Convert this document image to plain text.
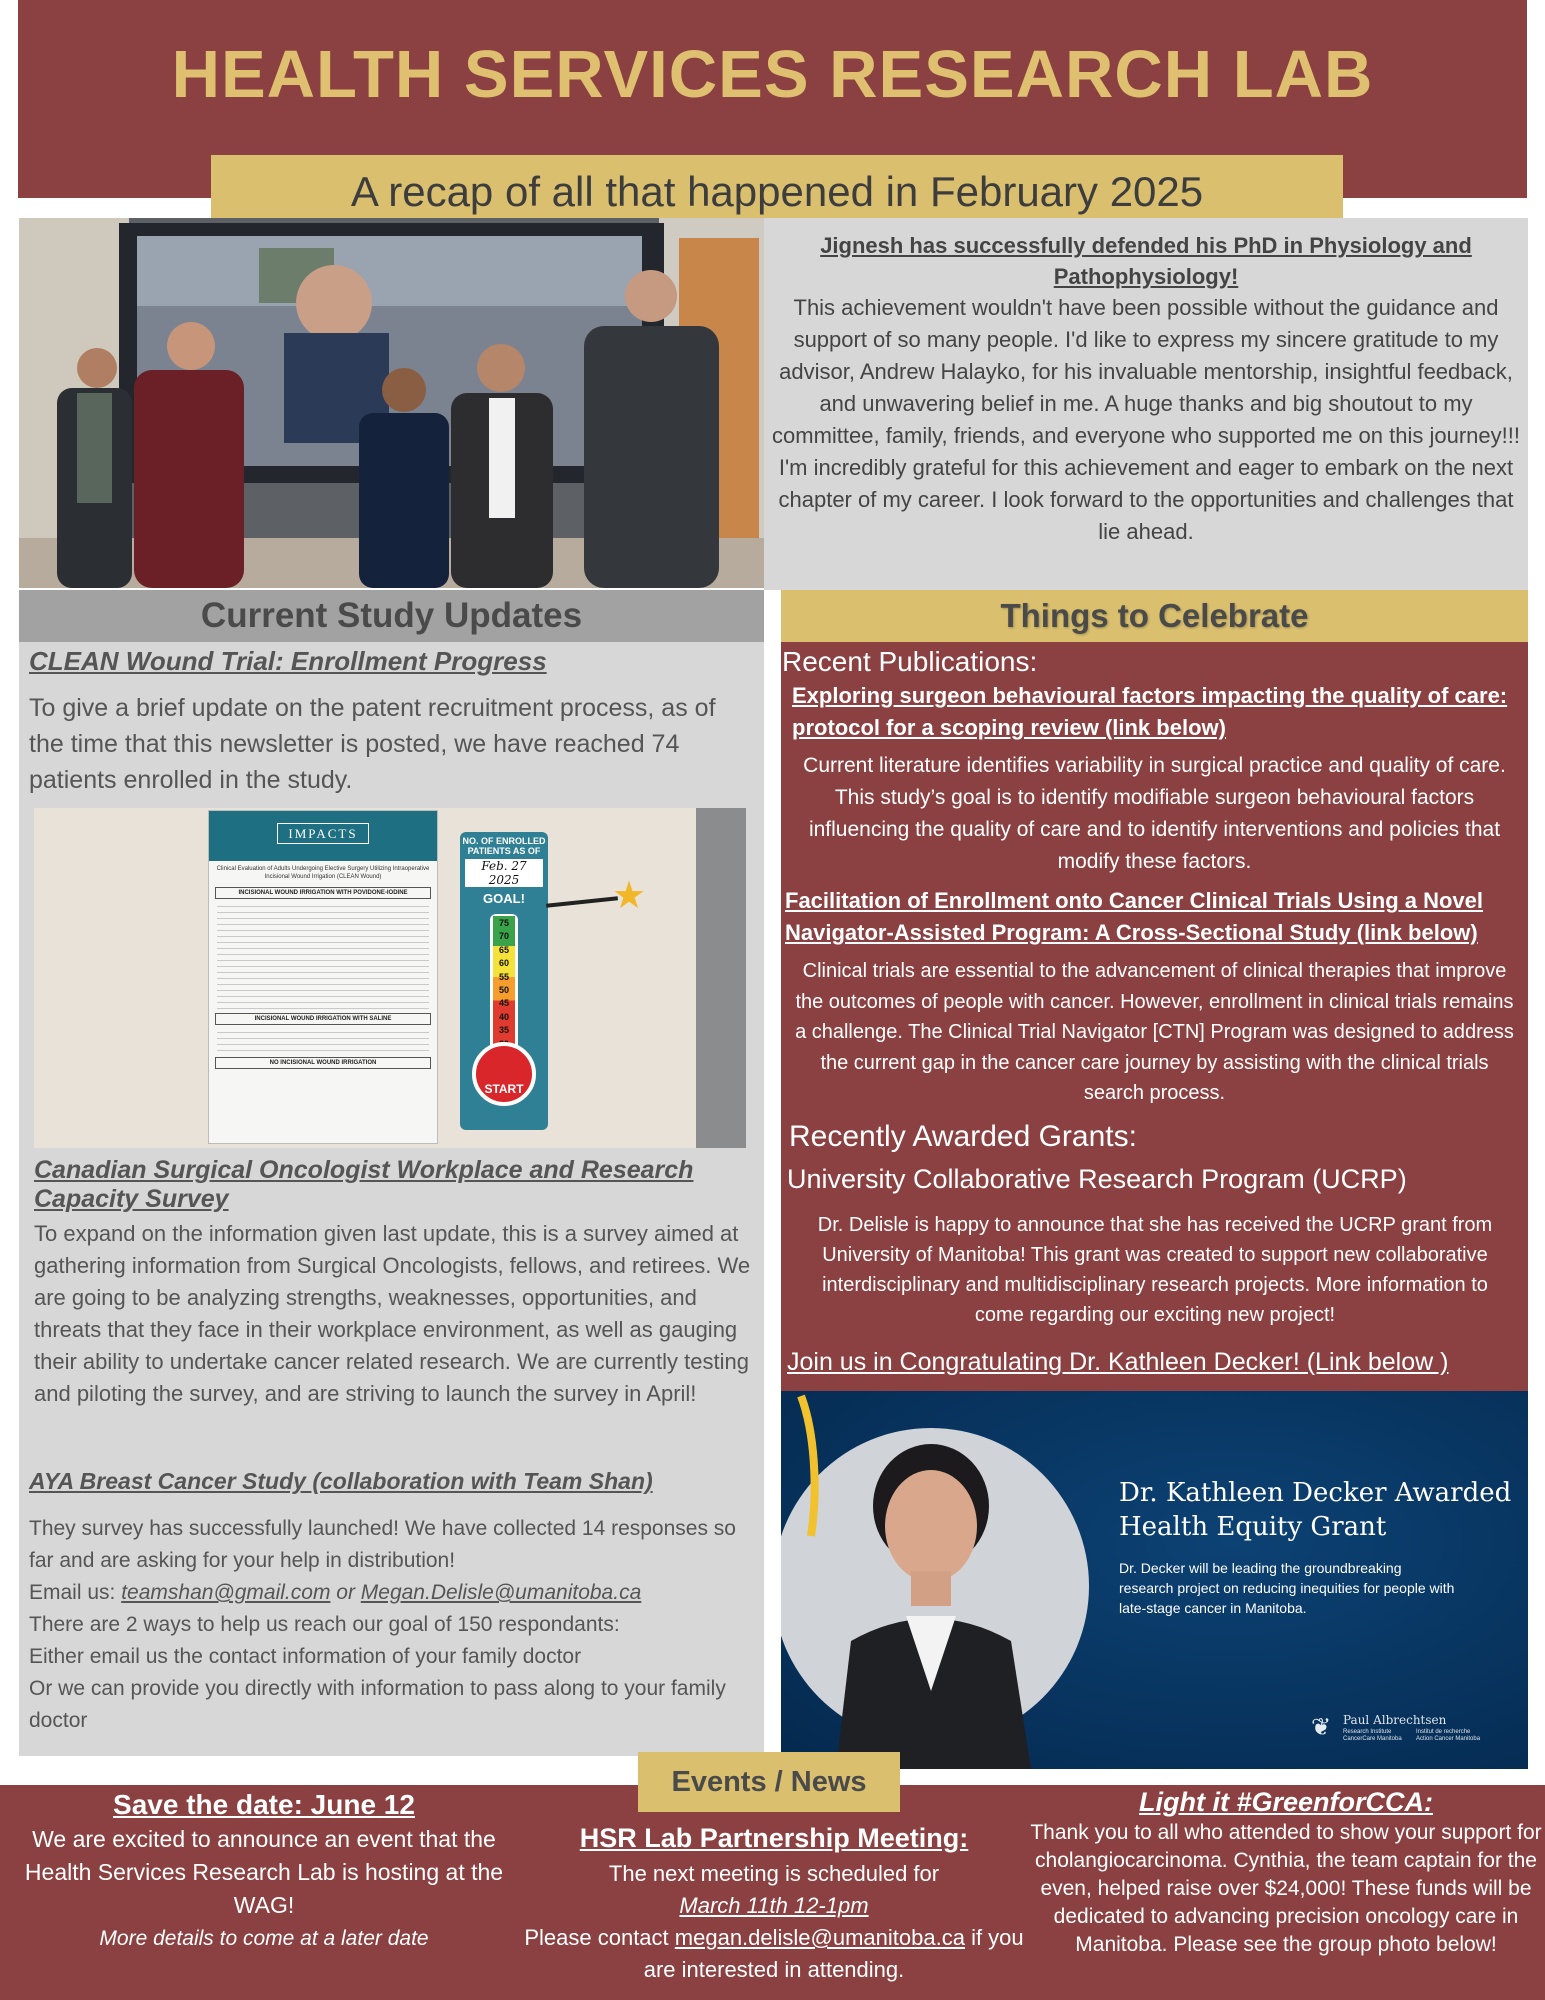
HEALTH SERVICES RESEARCH LAB
A recap of all that happened in February 2025
Jignesh has successfully defended his PhD in Physiology and Pathophysiology!
This achievement wouldn't have been possible without the guidance and support of so many people. I'd like to express my sincere gratitude to my advisor, Andrew Halayko, for his invaluable mentorship, insightful feedback, and unwavering belief in me. A huge thanks and big shoutout to my committee, family, friends, and everyone who supported me on this journey!!!
I'm incredibly grateful for this achievement and eager to embark on the next chapter of my career. I look forward to the opportunities and challenges that lie ahead.
Current Study Updates
CLEAN Wound Trial: Enrollment Progress
To give a brief update on the patent recruitment process, as of the time that this newsletter is posted, we have reached 74 patients enrolled in the study.
IMPACTS
Clinical Evaluation of Adults Undergoing Elective Surgery Utilizing Intraoperative Incisional Wound Irrigation (CLEAN Wound)
INCISIONAL WOUND IRRIGATION WITH POVIDONE-IODINE
INCISIONAL WOUND IRRIGATION WITH SALINE
NO INCISIONAL WOUND IRRIGATION
NO. OF ENROLLED PATIENTS AS OF
Feb. 27 2025
GOAL!
75
70
65
60
55
50
45
40
35
START
★
Canadian Surgical Oncologist Workplace and Research Capacity Survey
To expand on the information given last update, this is a survey aimed at gathering information from Surgical Oncologists, fellows, and retirees. We are going to be analyzing strengths, weaknesses, opportunities, and threats that they face in their workplace environment, as well as gauging their ability to undertake cancer related research. We are currently testing and piloting the survey, and are striving to launch the survey in April!
AYA Breast Cancer Study (collaboration with Team Shan)
They survey has successfully launched! We have collected 14 responses so far and are asking for your help in distribution!
Email us: teamshan@gmail.com or Megan.Delisle@umanitoba.ca
There are 2 ways to help us reach our goal of 150 respondants:
Either email us the contact information of your family doctor
Or we can provide you directly with information to pass along to your family doctor
Things to Celebrate
Recent Publications:
Exploring surgeon behavioural factors impacting the quality of care: protocol for a scoping review (link below)
Current literature identifies variability in surgical practice and quality of care. This study’s goal is to identify modifiable surgeon behavioural factors influencing the quality of care and to identify interventions and policies that modify these factors.
Facilitation of Enrollment onto Cancer Clinical Trials Using a Novel Navigator-Assisted Program: A Cross-Sectional Study (link below)
Clinical trials are essential to the advancement of clinical therapies that improve the outcomes of people with cancer. However, enrollment in clinical trials remains a challenge. The Clinical Trial Navigator [CTN] Program was designed to address the current gap in the cancer care journey by assisting with the clinical trials search process.
Recently Awarded Grants:
University Collaborative Research Program (UCRP)
Dr. Delisle is happy to announce that she has received the UCRP grant from University of Manitoba! This grant was created to support new collaborative interdisciplinary and multidisciplinary research projects. More information to come regarding our exciting new project!
Join us in Congratulating Dr. Kathleen Decker! (Link below )
Dr. Kathleen Decker Awarded Health Equity Grant
Dr. Decker will be leading the groundbreaking research project on reducing inequities for people with late-stage cancer in Manitoba.
❦ Paul Albrechtsen
Research Institute
CancerCare Manitoba
Institut de recherche
Action Cancer Manitoba
Events / News
Save the date: June 12
We are excited to announce an event that the Health Services Research Lab is hosting at the WAG!
More details to come at a later date
HSR Lab Partnership Meeting:
The next meeting is scheduled for
March 11th 12-1pm
Please contact megan.delisle@umanitoba.ca if you are interested in attending.
Light it #GreenforCCA:
Thank you to all who attended to show your support for cholangiocarcinoma. Cynthia, the team captain for the even, helped raise over $24,000! These funds will be dedicated to advancing precision oncology care in Manitoba. Please see the group photo below!
